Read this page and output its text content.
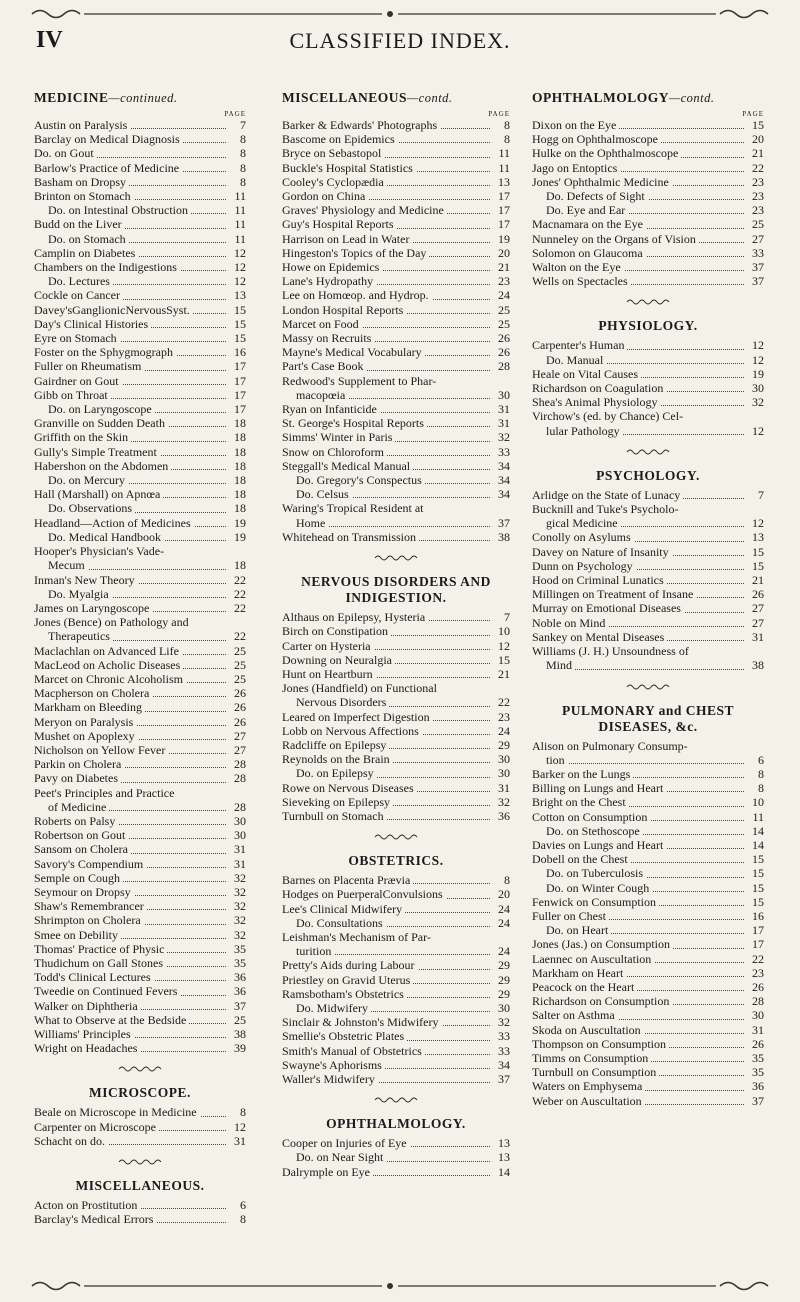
IV	CLASSIFIED INDEX.
MEDICINE—continued.
PAGE
Austin on Paralysis	7
Barclay on Medical Diagnosis	8
Do. on Gout	8
Barlow's Practice of Medicine	8
Basham on Dropsy	8
Brinton on Stomach	11
Do. on Intestinal Obstruction	11
Budd on the Liver	11
Do. on Stomach	11
Camplin on Diabetes	12
Chambers on the Indigestions	12
Do. Lectures	12
Cockle on Cancer	13
Davey'sGanglionicNervousSyst.	15
Day's Clinical Histories	15
Eyre on Stomach	15
Foster on the Sphygmograph	16
Fuller on Rheumatism	17
Gairdner on Gout	17
Gibb on Throat	17
Do. on Laryngoscope	17
Granville on Sudden Death	18
Griffith on the Skin	18
Gully's Simple Treatment	18
Habershon on the Abdomen	18
Do. on Mercury	18
Hall (Marshall) on Apnœa	18
Do. Observations	18
Headland—Action of Medicines	19
Do. Medical Handbook	19
Hooper's Physician's Vade-
Mecum	18
Inman's New Theory	22
Do. Myalgia	22
James on Laryngoscope	22
Jones (Bence) on Pathology and
Therapeutics	22
Maclachlan on Advanced Life	25
MacLeod on Acholic Diseases	25
Marcet on Chronic Alcoholism	25
Macpherson on Cholera	26
Markham on Bleeding	26
Meryon on Paralysis	26
Mushet on Apoplexy	27
Nicholson on Yellow Fever	27
Parkin on Cholera	28
Pavy on Diabetes	28
Peet's Principles and Practice
of Medicine	28
Roberts on Palsy	30
Robertson on Gout	30
Sansom on Cholera	31
Savory's Compendium	31
Semple on Cough	32
Seymour on Dropsy	32
Shaw's Remembrancer	32
Shrimpton on Cholera	32
Smee on Debility	32
Thomas' Practice of Physic	35
Thudichum on Gall Stones	35
Todd's Clinical Lectures	36
Tweedie on Continued Fevers	36
Walker on Diphtheria	37
What to Observe at the Bedside	25
Williams' Principles	38
Wright on Headaches	39
MICROSCOPE.
Beale on Microscope in Medicine	8
Carpenter on Microscope	12
Schacht on do.	31
MISCELLANEOUS.
Acton on Prostitution	6
Barclay's Medical Errors	8
MISCELLANEOUS—contd.
PAGE
Barker & Edwards' Photographs	8
Bascome on Epidemics	8
Bryce on Sebastopol	11
Buckle's Hospital Statistics	11
Cooley's Cyclopædia	13
Gordon on China	17
Graves' Physiology and Medicine	17
Guy's Hospital Reports	17
Harrison on Lead in Water	19
Hingeston's Topics of the Day	20
Howe on Epidemics	21
Lane's Hydropathy	23
Lee on Homœop. and Hydrop.	24
London Hospital Reports	25
Marcet on Food	25
Massy on Recruits	26
Mayne's Medical Vocabulary	26
Part's Case Book	28
Redwood's Supplement to Phar-
macopœia	30
Ryan on Infanticide	31
St. George's Hospital Reports	31
Simms' Winter in Paris	32
Snow on Chloroform	33
Steggall's Medical Manual	34
Do. Gregory's Conspectus	34
Do. Celsus	34
Waring's Tropical Resident at
Home	37
Whitehead on Transmission	38
NERVOUS DISORDERS AND INDIGESTION.
Althaus on Epilepsy, Hysteria	7
Birch on Constipation	10
Carter on Hysteria	12
Downing on Neuralgia	15
Hunt on Heartburn	21
Jones (Handfield) on Functional
Nervous Disorders	22
Leared on Imperfect Digestion	23
Lobb on Nervous Affections	24
Radcliffe on Epilepsy	29
Reynolds on the Brain	30
Do. on Epilepsy	30
Rowe on Nervous Diseases	31
Sieveking on Epilepsy	32
Turnbull on Stomach	36
OBSTETRICS.
Barnes on Placenta Prævia	8
Hodges on PuerperalConvulsions	20
Lee's Clinical Midwifery	24
Do. Consultations	24
Leishman's Mechanism of Par-
turition	24
Pretty's Aids during Labour	29
Priestley on Gravid Uterus	29
Ramsbotham's Obstetrics	29
Do. Midwifery	30
Sinclair & Johnston's Midwifery	32
Smellie's Obstetric Plates	33
Smith's Manual of Obstetrics	33
Swayne's Aphorisms	34
Waller's Midwifery	37
OPHTHALMOLOGY.
Cooper on Injuries of Eye	13
Do. on Near Sight	13
Dalrymple on Eye	14
OPHTHALMOLOGY—contd.
PAGE
Dixon on the Eye	15
Hogg on Ophthalmoscope	20
Hulke on the Ophthalmoscope	21
Jago on Entoptics	22
Jones' Ophthalmic Medicine	23
Do. Defects of Sight	23
Do. Eye and Ear	23
Macnamara on the Eye	25
Nunneley on the Organs of Vision	27
Solomon on Glaucoma	33
Walton on the Eye	37
Wells on Spectacles	37
PHYSIOLOGY.
Carpenter's Human	12
Do. Manual	12
Heale on Vital Causes	19
Richardson on Coagulation	30
Shea's Animal Physiology	32
Virchow's (ed. by Chance) Cel-
lular Pathology	12
PSYCHOLOGY.
Arlidge on the State of Lunacy	7
Bucknill and Tuke's Psycholo-
gical Medicine	12
Conolly on Asylums	13
Davey on Nature of Insanity	15
Dunn on Psychology	15
Hood on Criminal Lunatics	21
Millingen on Treatment of Insane	26
Murray on Emotional Diseases	27
Noble on Mind	27
Sankey on Mental Diseases	31
Williams (J. H.) Unsoundness of
Mind	38
PULMONARY and CHEST DISEASES, &c.
Alison on Pulmonary Consump-
tion	6
Barker on the Lungs	8
Billing on Lungs and Heart	8
Bright on the Chest	10
Cotton on Consumption	11
Do. on Stethoscope	14
Davies on Lungs and Heart	14
Dobell on the Chest	15
Do. on Tuberculosis	15
Do. on Winter Cough	15
Fenwick on Consumption	15
Fuller on Chest	16
Do. on Heart	17
Jones (Jas.) on Consumption	17
Laennec on Auscultation	22
Markham on Heart	23
Peacock on the Heart	26
Richardson on Consumption	28
Salter on Asthma	30
Skoda on Auscultation	31
Thompson on Consumption	26
Timms on Consumption	35
Turnbull on Consumption	35
Waters on Emphysema	36
Weber on Auscultation	37
